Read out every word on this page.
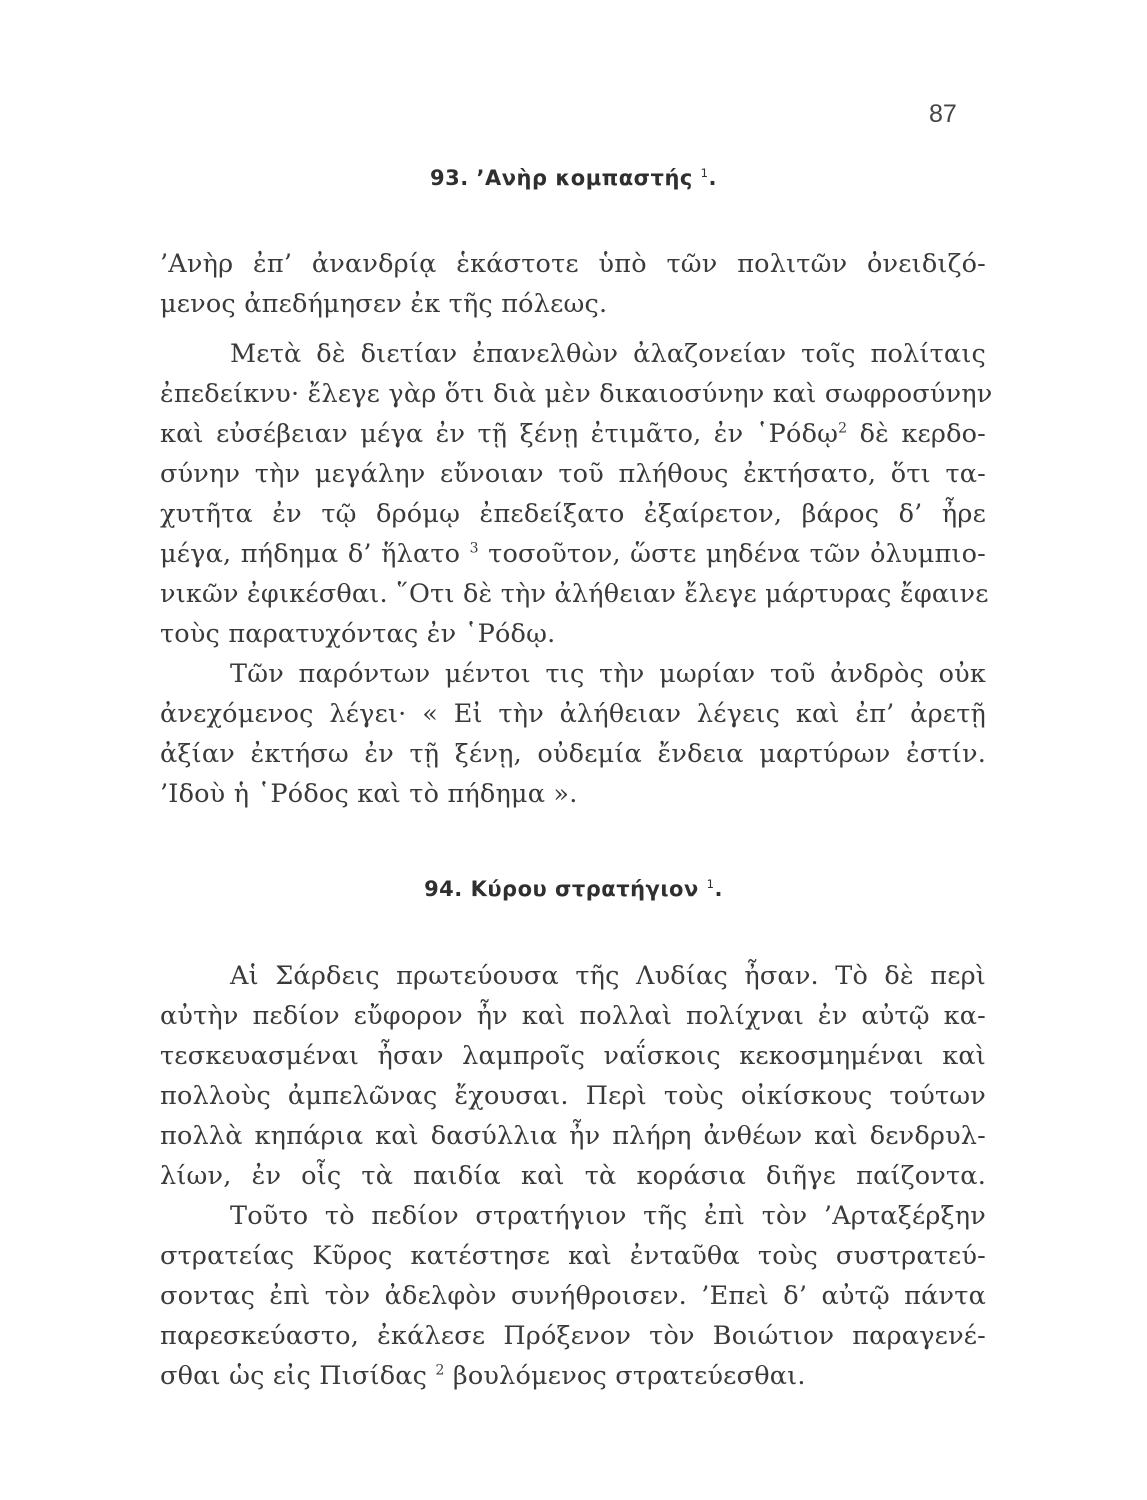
87
93. ’Ανὴρ κομπαστής $^1$.
’Ανὴρ ἐπ’ ἀνανδρίᾳ ἑκάστοτε ὑπὸ τῶν πολιτῶν ὀνειδιζό-
μενος ἀπεδήμησεν ἐκ τῆς πόλεως.
Μετὰ δὲ διετίαν ἐπανελθὼν ἀλαζονείαν τοῖς πολίταις
ἐπεδείκνυ· ἔλεγε γὰρ ὅτι διὰ μὲν δικαιοσύνην καὶ σωφροσύνην
καὶ εὐσέβειαν μέγα ἐν τῇ ξένῃ ἐτιμᾶτο, ἐν ῾Ρόδῳ$^2$ δὲ κερδο-
σύνην τὴν μεγάλην εὔνοιαν τοῦ πλήθους ἐκτήσατο, ὅτι τα-
χυτῆτα ἐν τῷ δρόμῳ ἐπεδείξατο ἐξαίρετον, βάρος δ’ ἦρε
μέγα, πήδημα δ’ ἥλατο $^3$ τοσοῦτον, ὥστε μηδένα τῶν ὀλυμπιο-
νικῶν ἐφικέσθαι. ῞Οτι δὲ τὴν ἀλήθειαν ἔλεγε μάρτυρας ἔφαινε
τοὺς παρατυχόντας ἐν ῾Ρόδῳ.
Τῶν παρόντων μέντοι τις τὴν μωρίαν τοῦ ἀνδρὸς οὐκ
ἀνεχόμενος λέγει· « Εἰ τὴν ἀλήθειαν λέγεις καὶ ἐπ’ ἀρετῇ
ἀξίαν ἐκτήσω ἐν τῇ ξένῃ, οὐδεμία ἔνδεια μαρτύρων ἐστίν.
’Ιδοὺ ἡ ῾Ρόδος καὶ τὸ πήδημα ».
94. Κύρου στρατήγιον $^1$.
Αἱ Σάρδεις πρωτεύουσα τῆς Λυδίας ἦσαν. Τὸ δὲ περὶ
αὐτὴν πεδίον εὔφορον ἦν καὶ πολλαὶ πολίχναι ἐν αὐτῷ κα-
τεσκευασμέναι ἦσαν λαμπροῖς ναΐσκοις κεκοσμημέναι καὶ
πολλοὺς ἀμπελῶνας ἔχουσαι. Περὶ τοὺς οἰκίσκους τούτων
πολλὰ κηπάρια καὶ δασύλλια ἦν πλήρη ἀνθέων καὶ δενδρυλ-
λίων, ἐν οἷς τὰ παιδία καὶ τὰ κοράσια διῆγε παίζοντα.
Τοῦτο τὸ πεδίον στρατήγιον τῆς ἐπὶ τὸν ’Αρταξέρξην
στρατείας Κῦρος κατέστησε καὶ ἐνταῦθα τοὺς συστρατεύ-
σοντας ἐπὶ τὸν ἀδελφὸν συνήθροισεν. ’Επεὶ δ’ αὐτῷ πάντα
παρεσκεύαστο, ἐκάλεσε Πρόξενον τὸν Βοιώτιον παραγενέ-
σθαι ὡς εἰς Πισίδας $^2$ βουλόμενος στρατεύεσθαι.
